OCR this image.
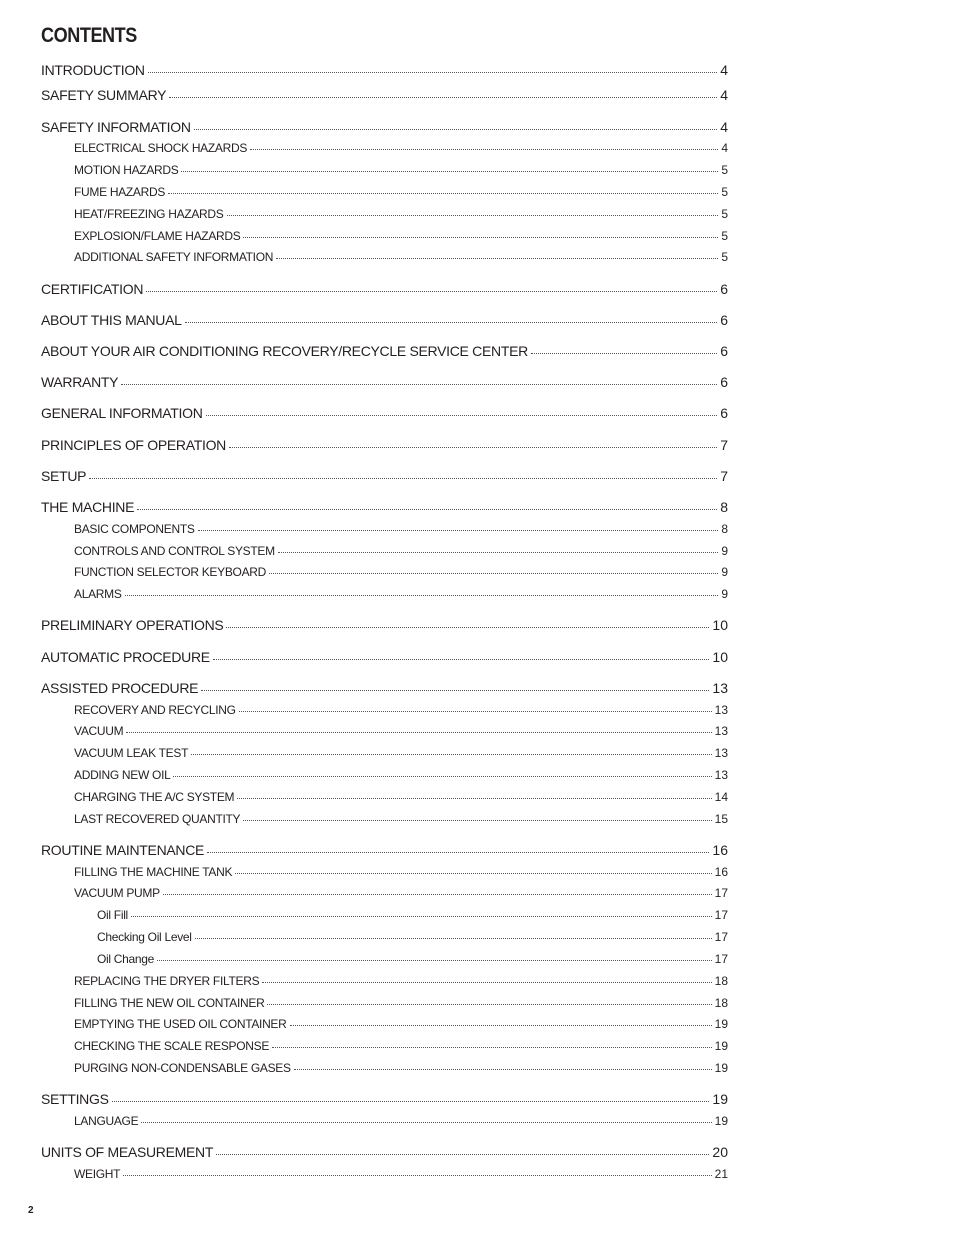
CONTENTS
INTRODUCTION	4
SAFETY SUMMARY	4
SAFETY INFORMATION	4
ELECTRICAL SHOCK HAZARDS	4
MOTION HAZARDS	5
FUME HAZARDS	5
HEAT/FREEZING HAZARDS	5
EXPLOSION/FLAME HAZARDS	5
ADDITIONAL SAFETY INFORMATION	5
CERTIFICATION	6
ABOUT THIS MANUAL	6
ABOUT YOUR AIR CONDITIONING RECOVERY/RECYCLE SERVICE CENTER	6
WARRANTY	6
GENERAL INFORMATION	6
PRINCIPLES OF OPERATION	7
SETUP	7
THE MACHINE	8
BASIC COMPONENTS	8
CONTROLS AND CONTROL SYSTEM	9
FUNCTION SELECTOR KEYBOARD	9
ALARMS	9
PRELIMINARY OPERATIONS	10
AUTOMATIC PROCEDURE	10
ASSISTED PROCEDURE	13
RECOVERY AND RECYCLING	13
VACUUM	13
VACUUM LEAK TEST	13
ADDING NEW OIL	13
CHARGING THE A/C SYSTEM	14
LAST RECOVERED QUANTITY	15
ROUTINE MAINTENANCE	16
FILLING THE MACHINE TANK	16
VACUUM PUMP	17
Oil Fill	17
Checking Oil Level	17
Oil Change	17
REPLACING THE DRYER FILTERS	18
FILLING THE NEW OIL CONTAINER	18
EMPTYING THE USED OIL CONTAINER	19
CHECKING THE SCALE RESPONSE	19
PURGING NON-CONDENSABLE GASES	19
SETTINGS	19
LANGUAGE	19
UNITS OF MEASUREMENT	20
WEIGHT	21
2
